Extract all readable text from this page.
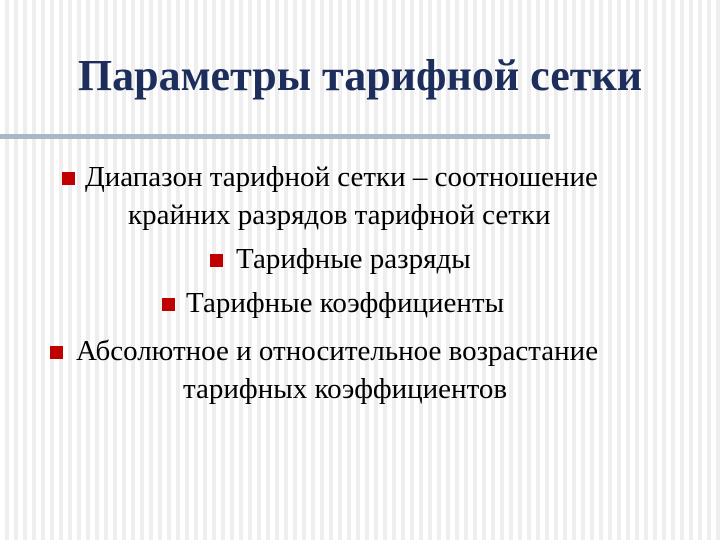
Параметры тарифной сетки
Диапазон тарифной сетки – соотношение
крайних разрядов тарифной сетки
Тарифные разряды
Тарифные коэффициенты
Абсолютное и относительное возрастание
тарифных коэффициентов
